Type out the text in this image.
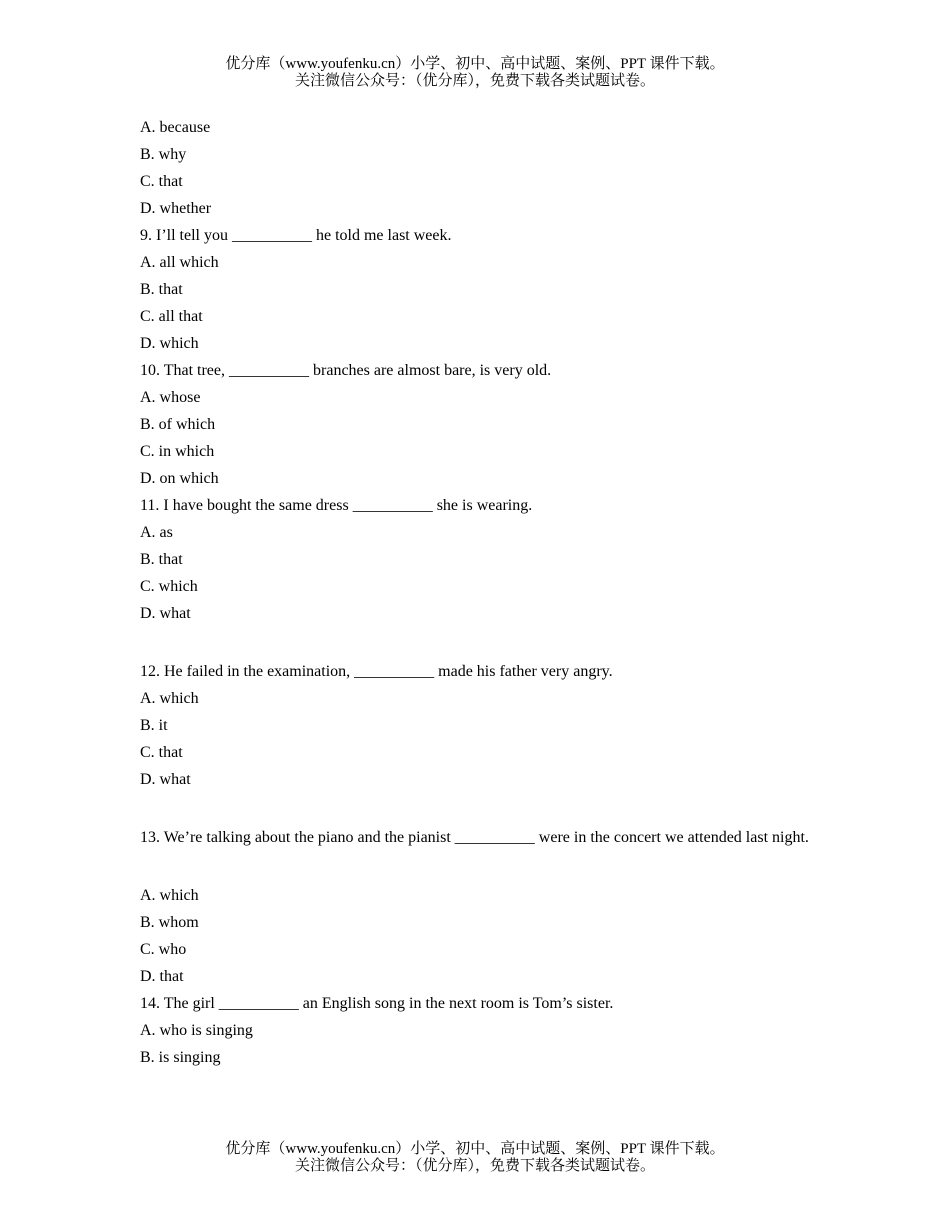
优分库（www.youfenku.cn）小学、初中、高中试题、案例、PPT 课件下载。
关注微信公众号：（优分库），免费下载各类试题试卷。
A. because
B. why
C. that
D. whether
9. I’ll tell you __________ he told me last week.
A. all which
B. that
C. all that
D. which
10. That tree, __________ branches are almost bare, is very old.
A. whose
B. of which
C. in which
D. on which
11. I have bought the same dress __________ she is wearing.
A. as
B. that
C. which
D. what
12. He failed in the examination, __________ made his father very angry.
A. which
B. it
C. that
D. what
13. We’re talking about the piano and the pianist __________ were in the concert we attended last night.
A. which
B. whom
C. who
D. that
14. The girl __________ an English song in the next room is Tom’s sister.
A. who is singing
B. is singing
优分库（www.youfenku.cn）小学、初中、高中试题、案例、PPT 课件下载。
关注微信公众号：（优分库），免费下载各类试题试卷。
